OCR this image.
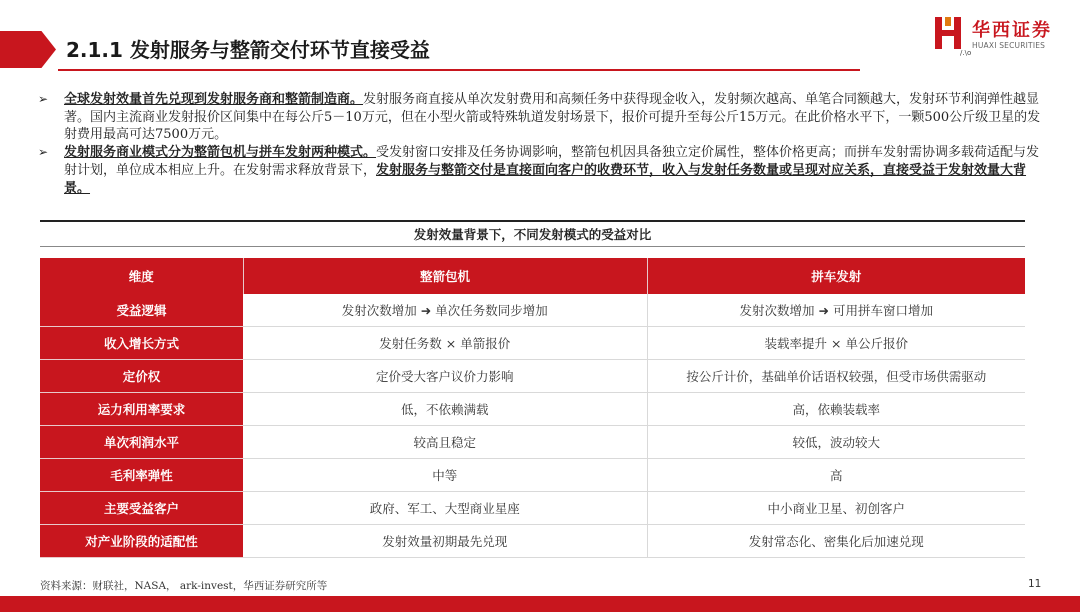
2.1.1 发射服务与整箭交付环节直接受益
华西证券
HUAXI SECURITIES
/.\o
➢ 全球发射效量首先兑现到发射服务商和整箭制造商。发射服务商直接从单次发射费用和高频任务中获得现金收入，发射频次越高、单笔合同额越大，发射环节利润弹性越显著。国内主流商业发射报价区间集中在每公斤5－10万元，但在小型火箭或特殊轨道发射场景下，报价可提升至每公斤15万元。在此价格水平下，一颗500公斤级卫星的发射费用最高可达7500万元。
➢ 发射服务商业模式分为整箭包机与拼车发射两种模式。受发射窗口安排及任务协调影响，整箭包机因具备独立定价属性，整体价格更高；而拼车发射需协调多载荷适配与发射计划，单位成本相应上升。在发射需求释放背景下，发射服务与整箭交付是直接面向客户的收费环节，收入与发射任务数量或呈现对应关系，直接受益于发射效量大背景。
发射效量背景下，不同发射模式的受益对比
维度	整箭包机	拼车发射
受益逻辑	发射次数增加 ➜ 单次任务数同步增加	发射次数增加 ➜ 可用拼车窗口增加
收入增长方式	发射任务数 × 单箭报价	装载率提升 × 单公斤报价
定价权	定价受大客户议价力影响	按公斤计价，基础单价话语权较强，但受市场供需驱动
运力利用率要求	低，不依赖满载	高，依赖装载率
单次利润水平	较高且稳定	较低，波动较大
毛利率弹性	中等	高
主要受益客户	政府、军工、大型商业星座	中小商业卫星、初创客户
对产业阶段的适配性	发射效量初期最先兑现	发射常态化、密集化后加速兑现
资料来源：财联社，NASA， ark-invest，华西证券研究所等	11
